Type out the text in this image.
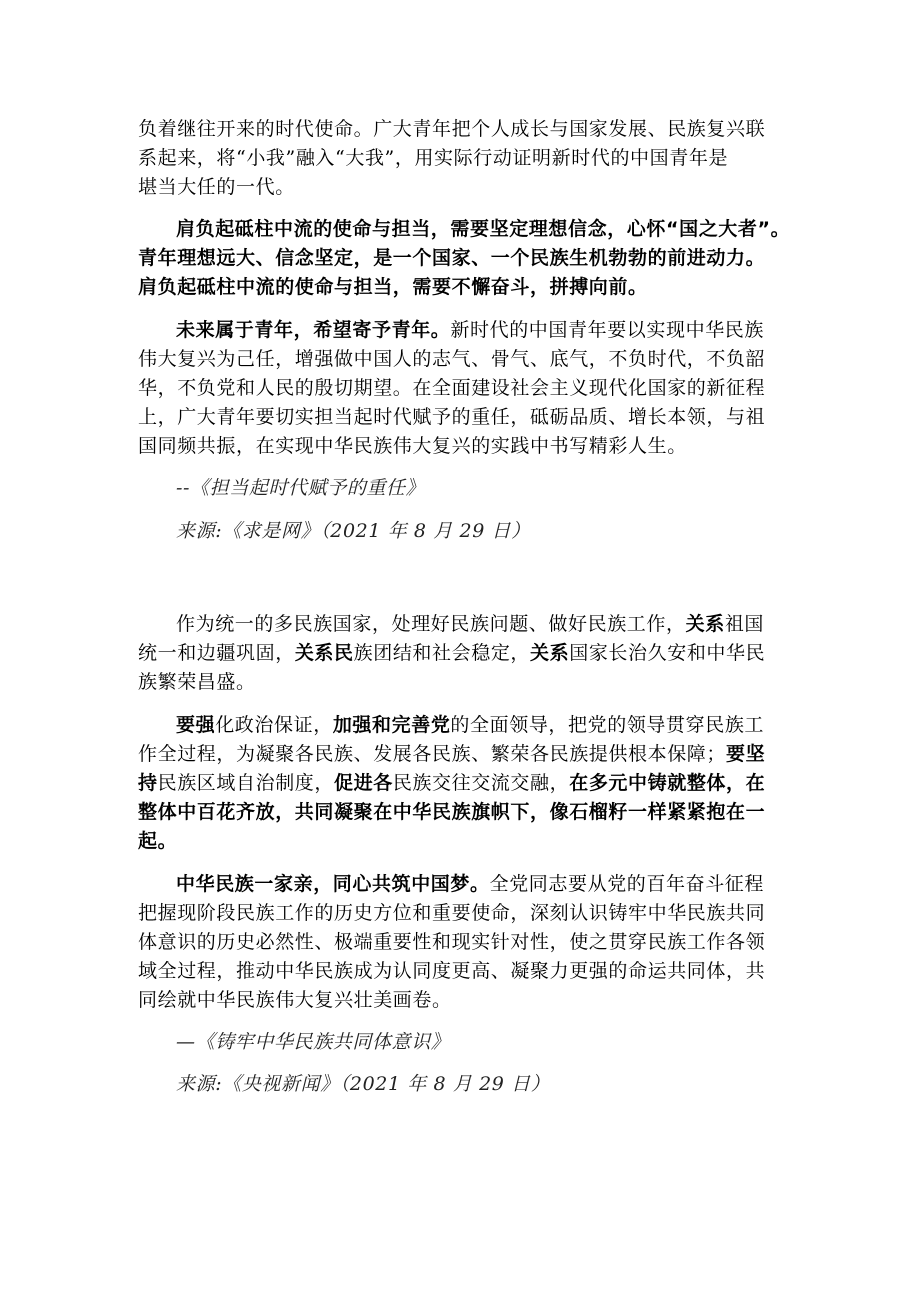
负着继往开来的时代使命。广大青年把个人成长与国家发展、民族复兴联
系起来，将“小我”融入“大我”，用实际行动证明新时代的中国青年是
堪当大任的一代。
肩负起砥柱中流的使命与担当，需要坚定理想信念，心怀“国之大者”。
青年理想远大、信念坚定，是一个国家、一个民族生机勃勃的前进动力。
肩负起砥柱中流的使命与担当，需要不懈奋斗，拼搏向前。
未来属于青年，希望寄予青年。新时代的中国青年要以实现中华民族
伟大复兴为己任，增强做中国人的志气、骨气、底气，不负时代，不负韶
华，不负党和人民的殷切期望。在全面建设社会主义现代化国家的新征程
上，广大青年要切实担当起时代赋予的重任，砥砺品质、增长本领，与祖
国同频共振，在实现中华民族伟大复兴的实践中书写精彩人生。
--《担当起时代赋予的重任》
来源:《求是网》（2021 年 8 月 29 日）
作为统一的多民族国家，处理好民族问题、做好民族工作，关系祖国
统一和边疆巩固，关系民族团结和社会稳定，关系国家长治久安和中华民
族繁荣昌盛。
要强化政治保证，加强和完善党的全面领导，把党的领导贯穿民族工
作全过程，为凝聚各民族、发展各民族、繁荣各民族提供根本保障；要坚
持民族区域自治制度，促进各民族交往交流交融，在多元中铸就整体，在
整体中百花齐放，共同凝聚在中华民族旗帜下，像石榴籽一样紧紧抱在一
起。
中华民族一家亲，同心共筑中国梦。全党同志要从党的百年奋斗征程
把握现阶段民族工作的历史方位和重要使命，深刻认识铸牢中华民族共同
体意识的历史必然性、极端重要性和现实针对性，使之贯穿民族工作各领
域全过程，推动中华民族成为认同度更高、凝聚力更强的命运共同体，共
同绘就中华民族伟大复兴壮美画卷。
—《铸牢中华民族共同体意识》
来源:《央视新闻》（2021 年 8 月 29 日）
